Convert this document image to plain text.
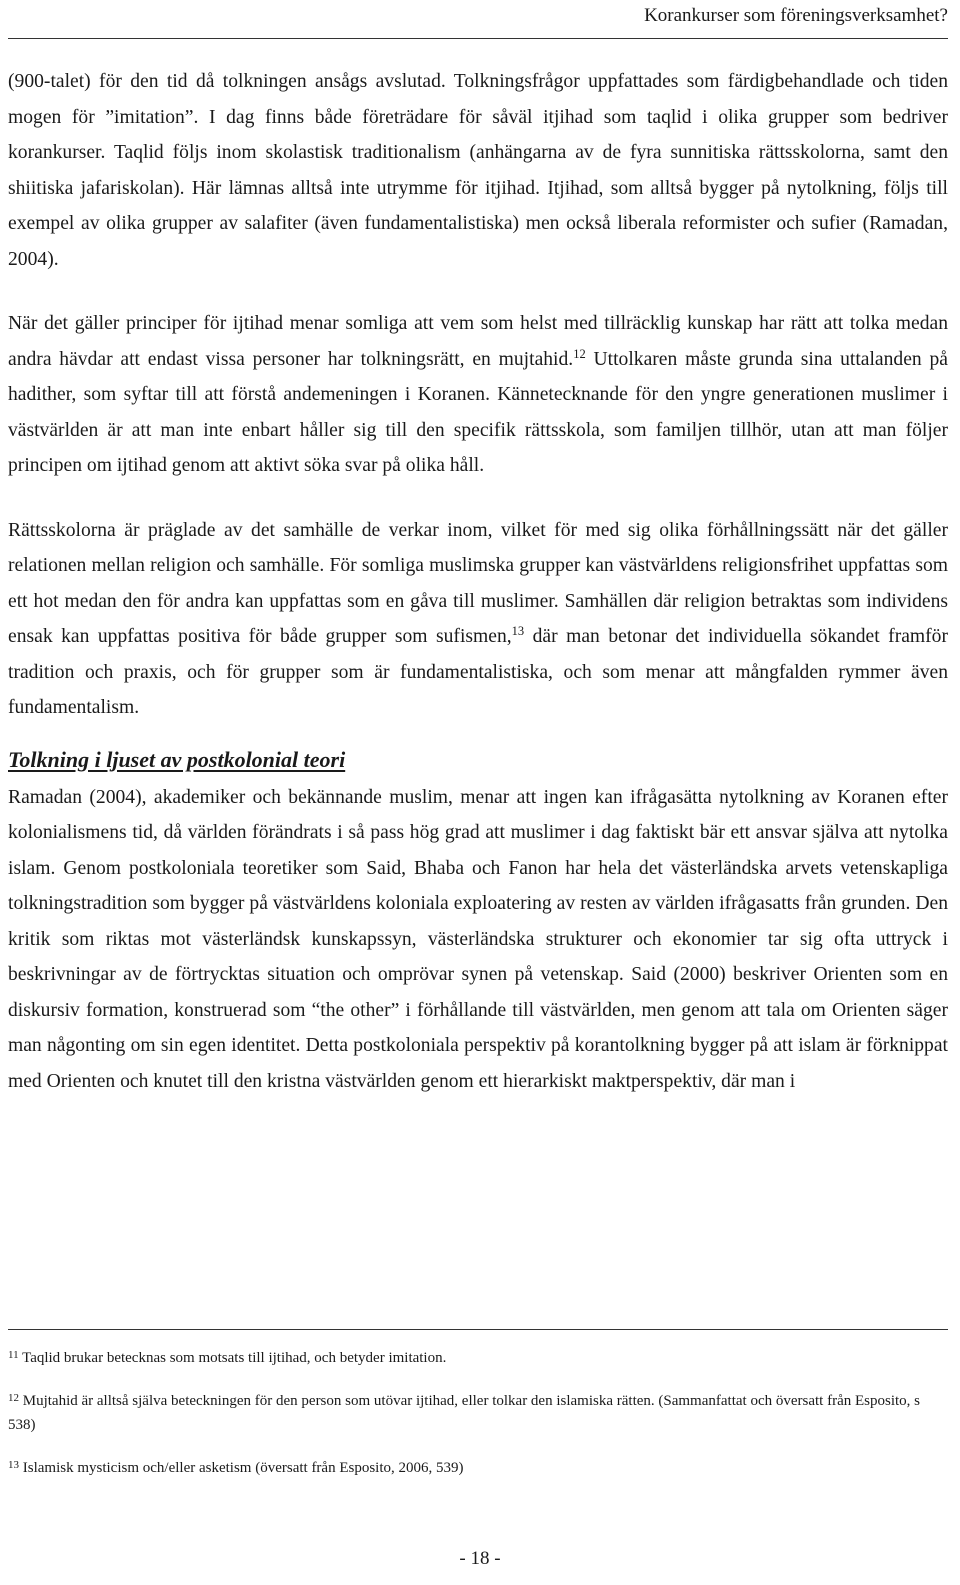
Korankurser som föreningsverksamhet?

(900-talet) för den tid då tolkningen ansågs avslutad. Tolkningsfrågor uppfattades som färdigbehandlade och tiden mogen för ”imitation”. I dag finns både företrädare för såväl itjihad som taqlid i olika grupper som bedriver korankurser. Taqlid följs inom skolastisk traditionalism (anhängarna av de fyra sunnitiska rättsskolorna, samt den shiitiska jafariskolan). Här lämnas alltså inte utrymme för itjihad. Itjihad, som alltså bygger på nytolkning, följs till exempel av olika grupper av salafiter (även fundamentalistiska) men också liberala reformister och sufier (Ramadan, 2004).

När det gäller principer för ijtihad menar somliga att vem som helst med tillräcklig kunskap har rätt att tolka medan andra hävdar att endast vissa personer har tolkningsrätt, en mujtahid.$^{12}$ Uttolkaren måste grunda sina uttalanden på hadither, som syftar till att förstå andemeningen i Koranen. Kännetecknande för den yngre generationen muslimer i västvärlden är att man inte enbart håller sig till den specifik rättsskola, som familjen tillhör, utan att man följer principen om ijtihad genom att aktivt söka svar på olika håll.

Rättsskolorna är präglade av det samhälle de verkar inom, vilket för med sig olika förhållningssätt när det gäller relationen mellan religion och samhälle. För somliga muslimska grupper kan västvärldens religionsfrihet uppfattas som ett hot medan den för andra kan uppfattas som en gåva till muslimer. Samhällen där religion betraktas som individens ensak kan uppfattas positiva för både grupper som sufismen,$^{13}$ där man betonar det individuella sökandet framför tradition och praxis, och för grupper som är fundamentalistiska, och som menar att mångfalden rymmer även fundamentalism.

Tolkning i ljuset av postkolonial teori

Ramadan (2004), akademiker och bekännande muslim, menar att ingen kan ifrågasätta nytolkning av Koranen efter kolonialismens tid, då världen förändrats i så pass hög grad att muslimer i dag faktiskt bär ett ansvar själva att nytolka islam. Genom postkoloniala teoretiker som Said, Bhaba och Fanon har hela det västerländska arvets vetenskapliga tolkningstradition som bygger på västvärldens koloniala exploatering av resten av världen ifrågasatts från grunden. Den kritik som riktas mot västerländsk kunskapssyn, västerländska strukturer och ekonomier tar sig ofta uttryck i beskrivningar av de förtrycktas situation och omprövar synen på vetenskap. Said (2000) beskriver Orienten som en diskursiv formation, konstruerad som “the other” i förhållande till västvärlden, men genom att tala om Orienten säger man någonting om sin egen identitet. Detta postkoloniala perspektiv på korantolkning bygger på att islam är förknippat med Orienten och knutet till den kristna västvärlden genom ett hierarkiskt maktperspektiv, där man i

$^{11}$ Taqlid brukar betecknas som motsats till ijtihad, och betyder imitation.

$^{12}$ Mujtahid är alltså själva beteckningen för den person som utövar ijtihad, eller tolkar den islamiska rätten. (Sammanfattat och översatt från Esposito, s 538)

$^{13}$ Islamisk mysticism och/eller asketism (översatt från Esposito, 2006, 539)

- 18 -
